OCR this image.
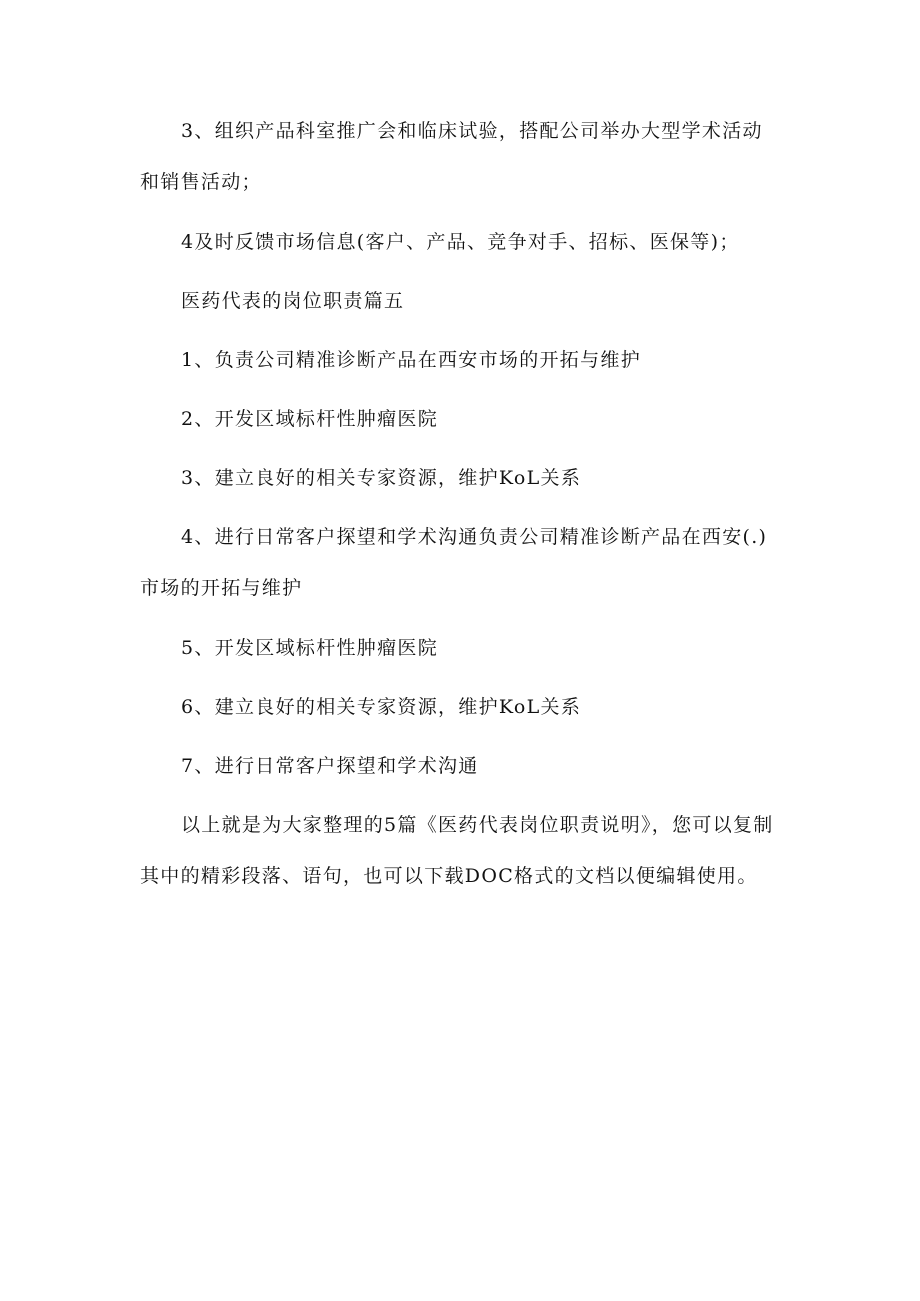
3、组织产品科室推广会和临床试验，搭配公司举办大型学术活动和销售活动；

4及时反馈市场信息(客户、产品、竞争对手、招标、医保等)；

医药代表的岗位职责篇五

1、负责公司精准诊断产品在西安市场的开拓与维护

2、开发区域标杆性肿瘤医院

3、建立良好的相关专家资源，维护KoL关系

4、进行日常客户探望和学术沟通负责公司精准诊断产品在西安(.)市场的开拓与维护

5、开发区域标杆性肿瘤医院

6、建立良好的相关专家资源，维护KoL关系

7、进行日常客户探望和学术沟通

以上就是为大家整理的5篇《医药代表岗位职责说明》，您可以复制其中的精彩段落、语句，也可以下载DOC格式的文档以便编辑使用。
